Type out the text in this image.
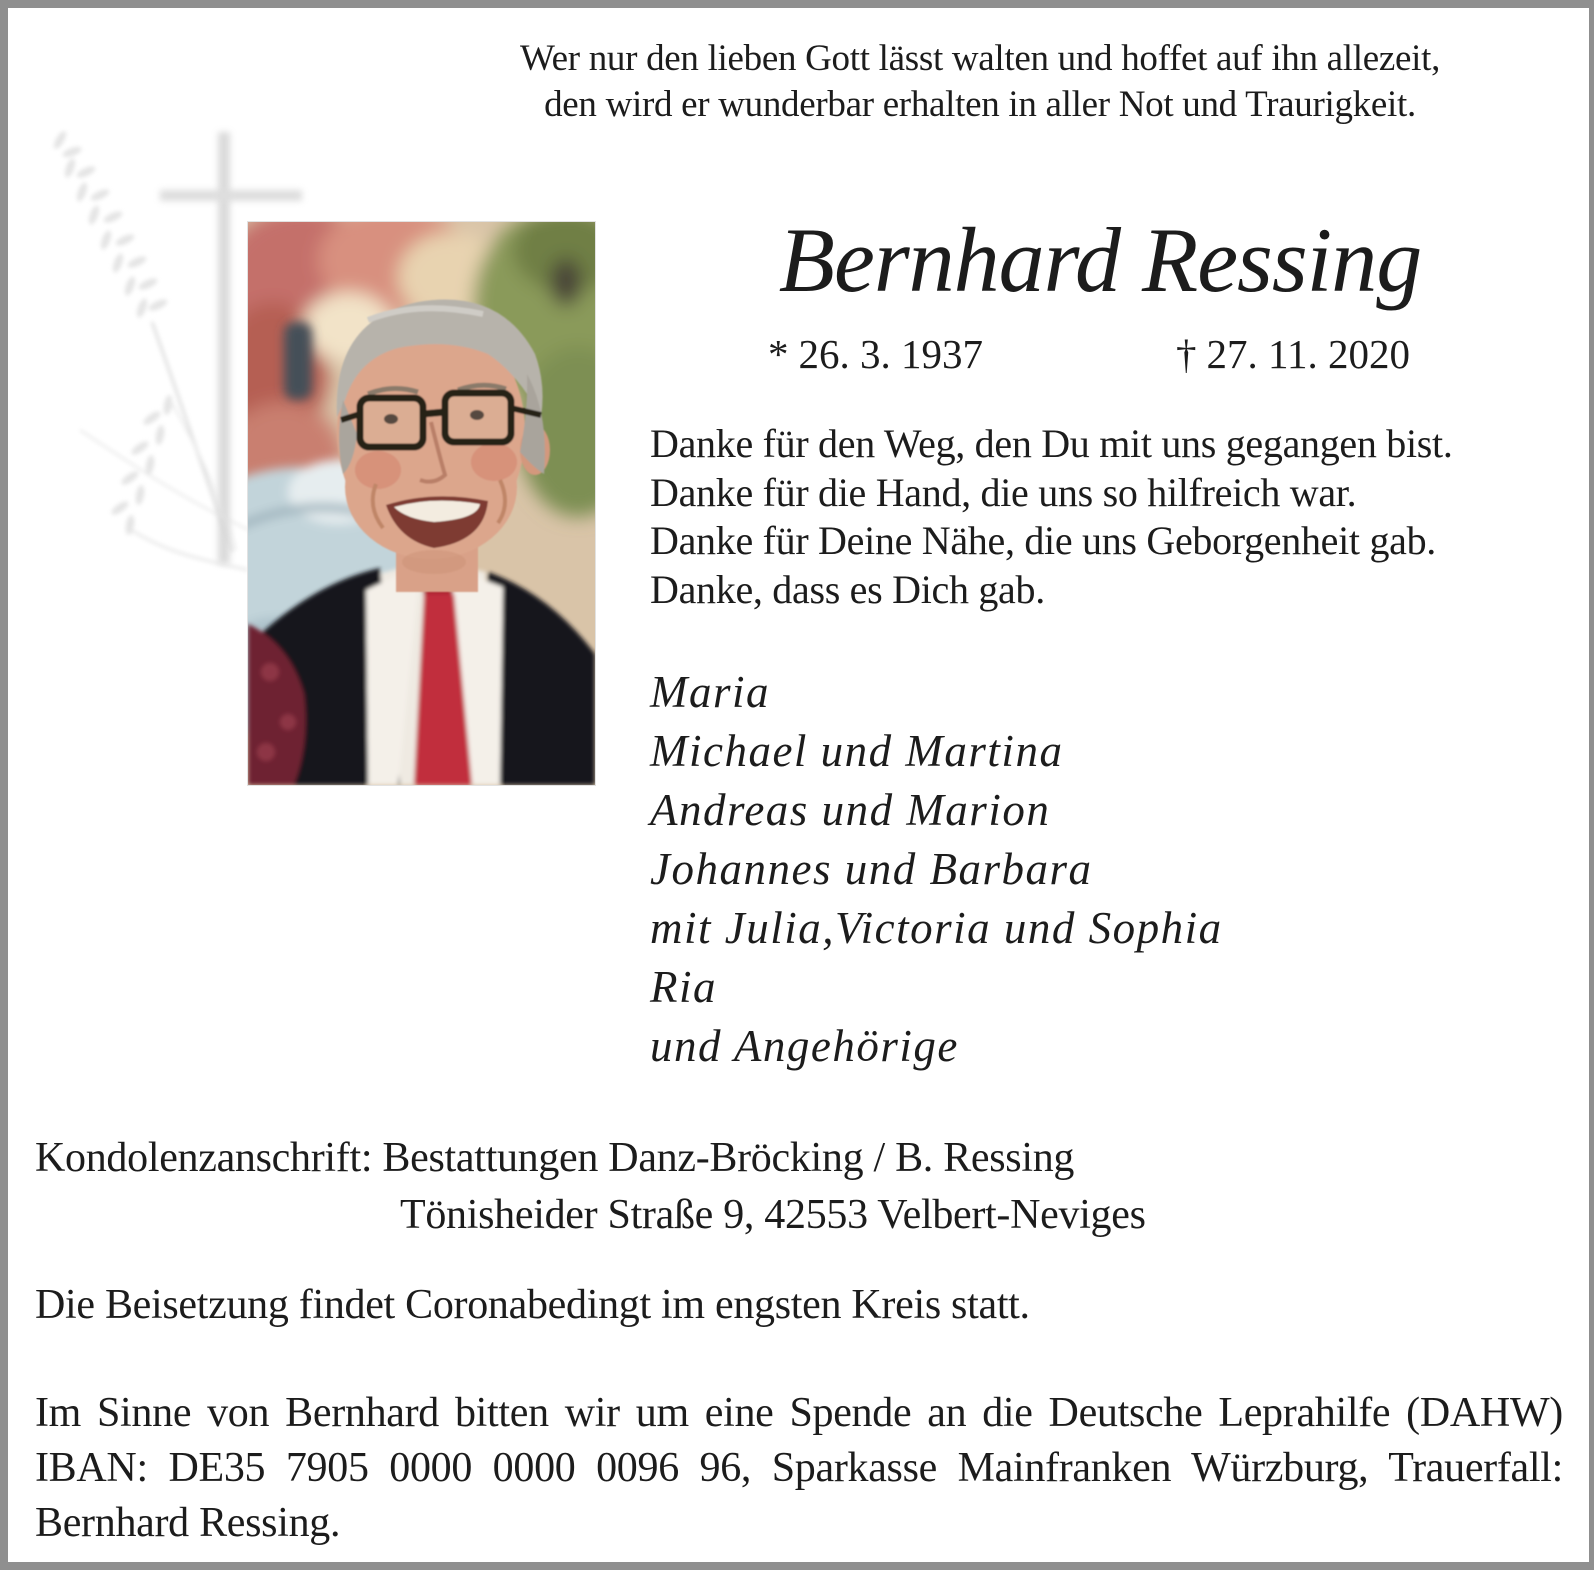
Wer nur den lieben Gott lässt walten und hoffet auf ihn allezeit,
den wird er wunderbar erhalten in aller Not und Traurigkeit.
Bernhard Ressing
* 26. 3. 1937	† 27. 11. 2020
Danke für den Weg, den Du mit uns gegangen bist.
Danke für die Hand, die uns so hilfreich war.
Danke für Deine Nähe, die uns Geborgenheit gab.
Danke, dass es Dich gab.
Maria
Michael und Martina
Andreas und Marion
Johannes und Barbara
mit Julia,Victoria und Sophia
Ria
und Angehörige
Kondolenzanschrift: Bestattungen Danz-Bröcking / B. Ressing
Tönisheider Straße 9, 42553 Velbert-Neviges
Die Beisetzung findet Coronabedingt im engsten Kreis statt.

Im Sinne von Bernhard bitten wir um eine Spende an die Deutsche Leprahilfe (DAHW) IBAN: DE35 7905 0000 0000 0096 96, Sparkasse Mainfranken Würzburg, Trauerfall: Bernhard Ressing.
